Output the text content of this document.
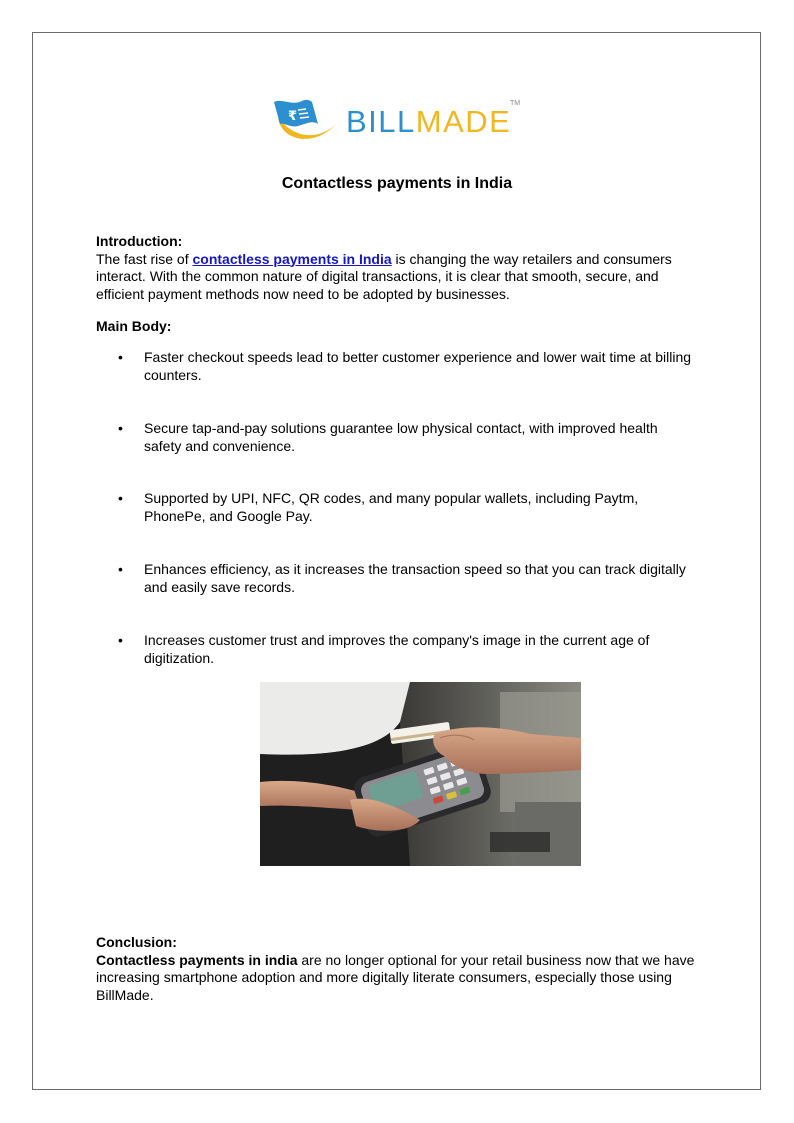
₹ BILLMADE
TM
Contactless payments in India
Introduction:
The fast rise of contactless payments in India is changing the way retailers and consumers interact. With the common nature of digital transactions, it is clear that smooth, secure, and efficient payment methods now need to be adopted by businesses.
Main Body:
• Faster checkout speeds lead to better customer experience and lower wait time at billing counters.
• Secure tap-and-pay solutions guarantee low physical contact, with improved health safety and convenience.
• Supported by UPI, NFC, QR codes, and many popular wallets, including Paytm, PhonePe, and Google Pay.
• Enhances efficiency, as it increases the transaction speed so that you can track digitally and easily save records.
• Increases customer trust and improves the company's image in the current age of digitization.
Conclusion:
Contactless payments in india are no longer optional for your retail business now that we have increasing smartphone adoption and more digitally literate consumers, especially those using BillMade.
